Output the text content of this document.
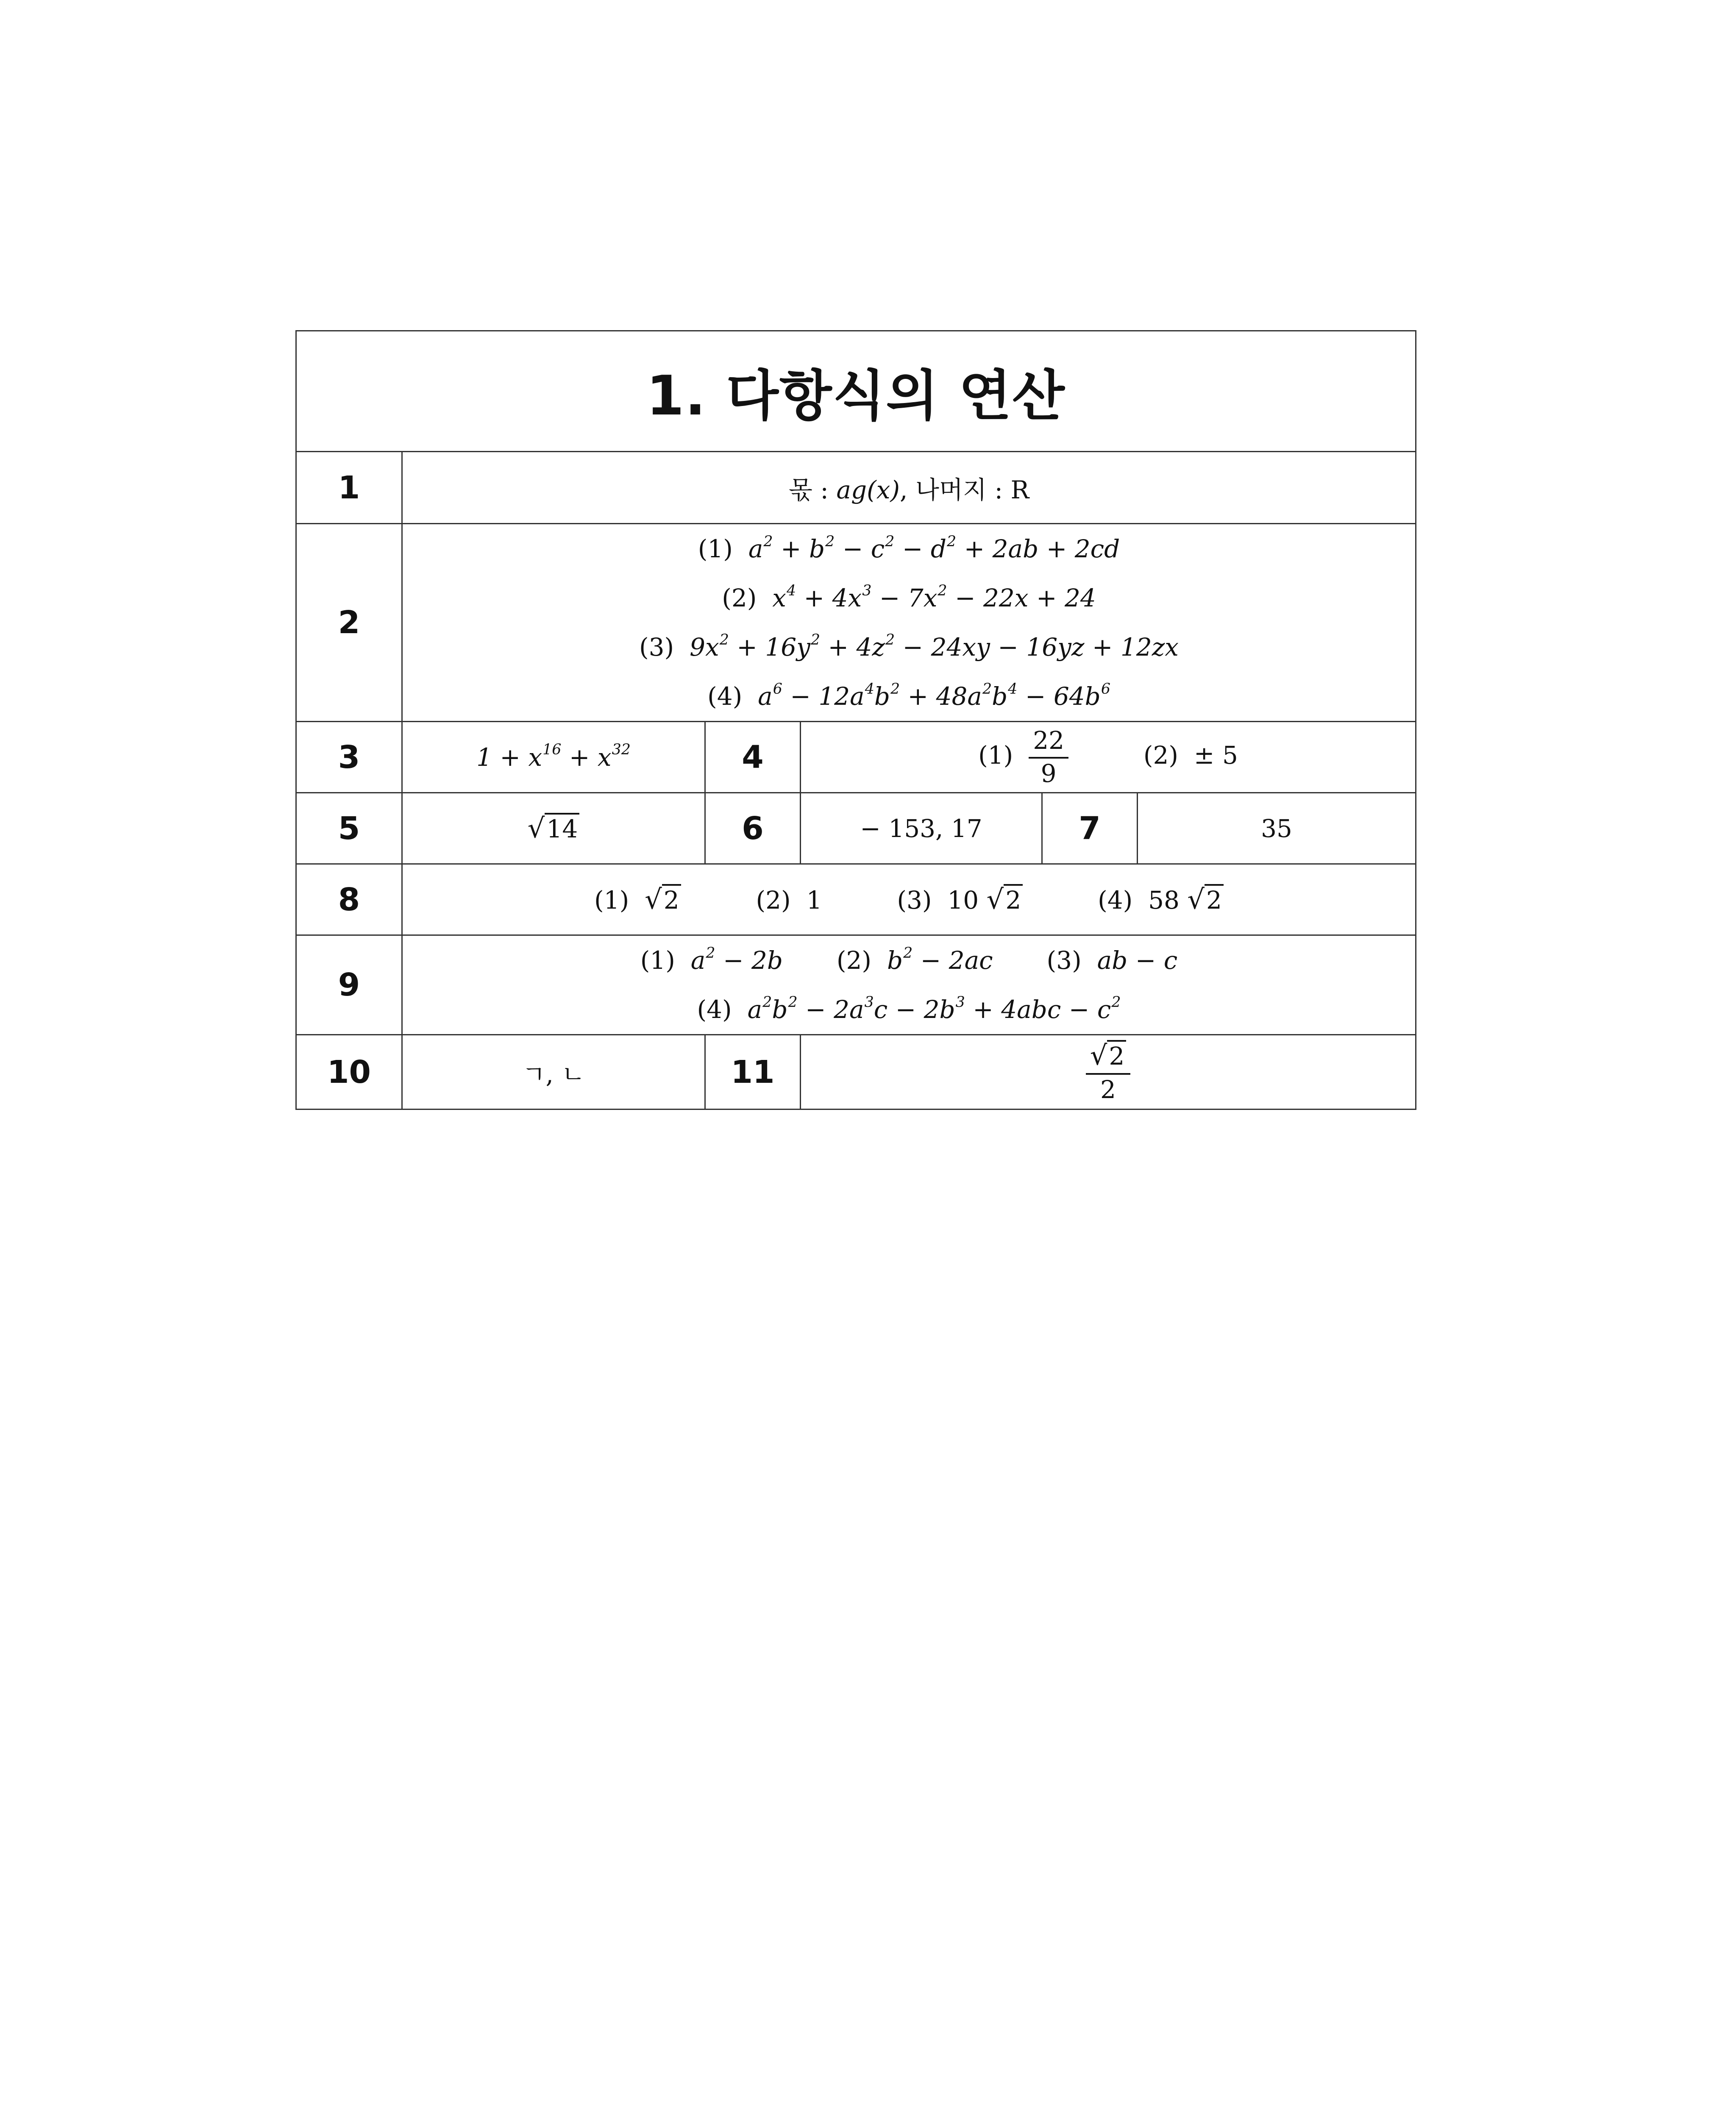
1. 다항식의 연산					
1	몫 : ag(x), 나머지 : R				
2	(1) $a^2 + b^2 - c^2 - d^2 + 2ab + 2cd$
(2) $x^4 + 4x^3 - 7x^2 - 22x + 24$
(3) $9x^2 + 16y^2 + 4z^2 - 24xy - 16yz + 12zx$
(4) $a^6 - 12a^4b^2 + 48a^2b^4 - 64b^6$

3	$1 + x^{16} + x^{32}$	4	$(1) \frac{22}{9} (2) \pm 5$		
5	√14	6	− 153, 17	7	35
8	(1) √2 (2) 1 (3) 10 √2 (4) 58 √2				
9	(1) $a^2 - 2b$ (2) $b^2 - 2ac$ (3) ab − c
(4) $a^2b^2 - 2a^3c - 2b^3 + 4abc - c^2$

10	ㄱ, ㄴ	11	$\frac{√2}{2}$
